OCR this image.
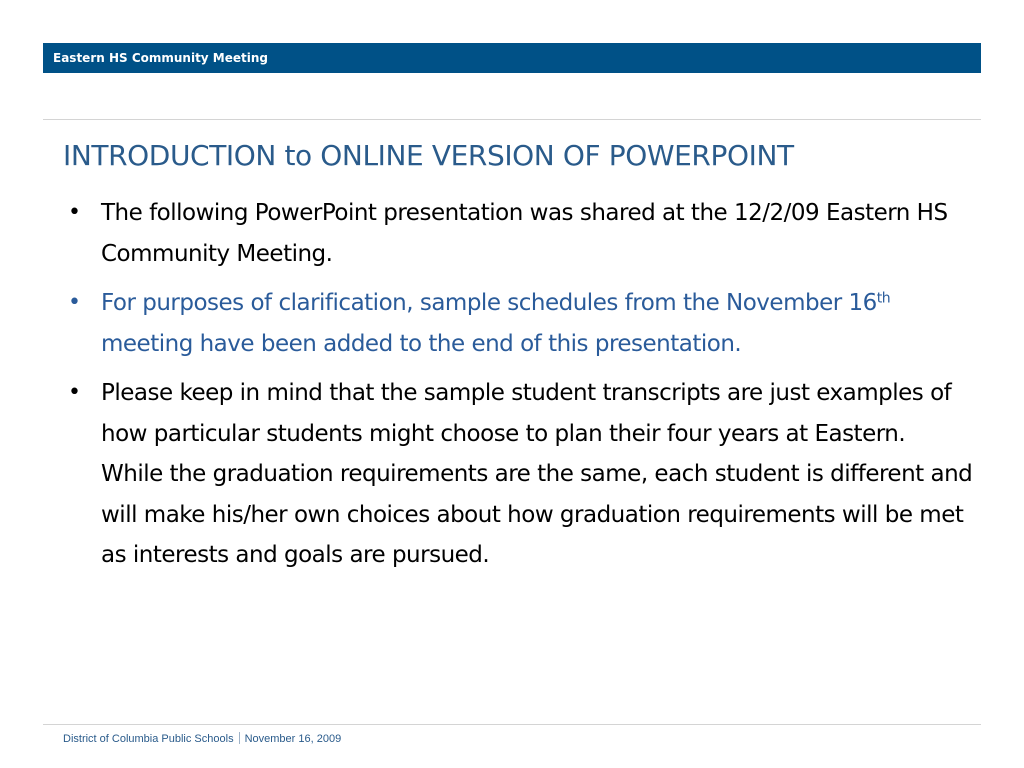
Eastern HS Community Meeting
INTRODUCTION to ONLINE VERSION OF POWERPOINT
• The following PowerPoint presentation was shared at the 12/2/09 Eastern HS Community Meeting.
• For purposes of clarification, sample schedules from the November 16th meeting have been added to the end of this presentation.
• Please keep in mind that the sample student transcripts are just examples of how particular students might choose to plan their four years at Eastern. While the graduation requirements are the same, each student is different and will make his/her own choices about how graduation requirements will be met as interests and goals are pursued.
District of Columbia Public Schools November 16, 2009
